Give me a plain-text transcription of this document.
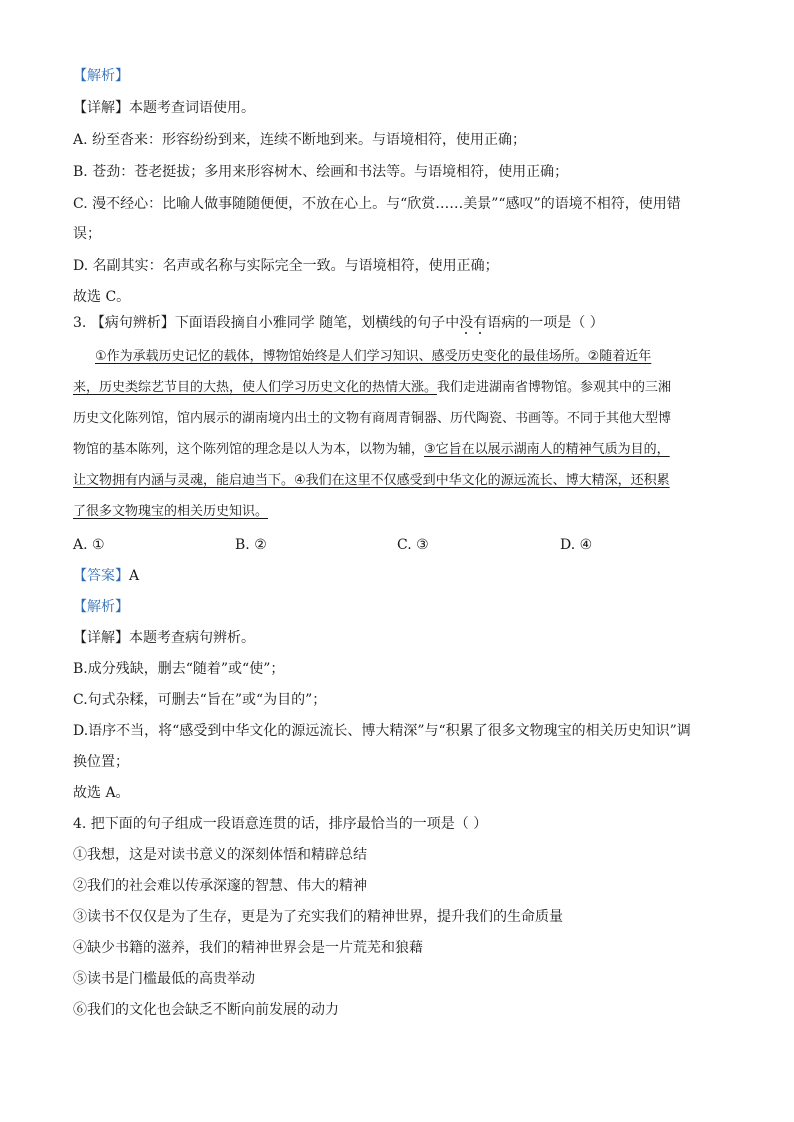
【解析】
【详解】本题考查词语使用。
A. 纷至沓来：形容纷纷到来，连续不断地到来。与语境相符，使用正确；
B. 苍劲：苍老挺拔；多用来形容树木、绘画和书法等。与语境相符，使用正确；
C. 漫不经心：比喻人做事随随便便，不放在心上。与“欣赏……美景”“感叹”的语境不相符，使用错
误；
D. 名副其实：名声或名称与实际完全一致。与语境相符，使用正确；
故选 C。
3. 【病句辨析】下面语段摘自小雅同学 随笔，划横线的句子中没有语病的一项是（ ）
①作为承载历史记忆的载体，博物馆始终是人们学习知识、感受历史变化的最佳场所。②随着近年
来，历史类综艺节目的大热，使人们学习历史文化的热情大涨。我们走进湖南省博物馆。参观其中的三湘
历史文化陈列馆，馆内展示的湖南境内出土的文物有商周青铜器、历代陶瓷、书画等。不同于其他大型博
物馆的基本陈列，这个陈列馆的理念是以人为本，以物为辅，③它旨在以展示湖南人的精神气质为目的，
让文物拥有内涵与灵魂，能启迪当下。④我们在这里不仅感受到中华文化的源远流长、博大精深，还积累
了很多文物瑰宝的相关历史知识。
A. ①	B. ②	C. ③	D. ④
【答案】A
【解析】
【详解】本题考查病句辨析。
B.成分残缺，删去“随着”或“使”；
C.句式杂糅，可删去“旨在”或“为目的”；
D.语序不当，将“感受到中华文化的源远流长、博大精深”与“积累了很多文物瑰宝的相关历史知识”调
换位置；
故选 A。
4. 把下面的句子组成一段语意连贯的话，排序最恰当的一项是（ ）
①我想，这是对读书意义的深刻体悟和精辟总结
②我们的社会难以传承深邃的智慧、伟大的精神
③读书不仅仅是为了生存，更是为了充实我们的精神世界，提升我们的生命质量
④缺少书籍的滋养，我们的精神世界会是一片荒芜和狼藉
⑤读书是门槛最低的高贵举动
⑥我们的文化也会缺乏不断向前发展的动力
